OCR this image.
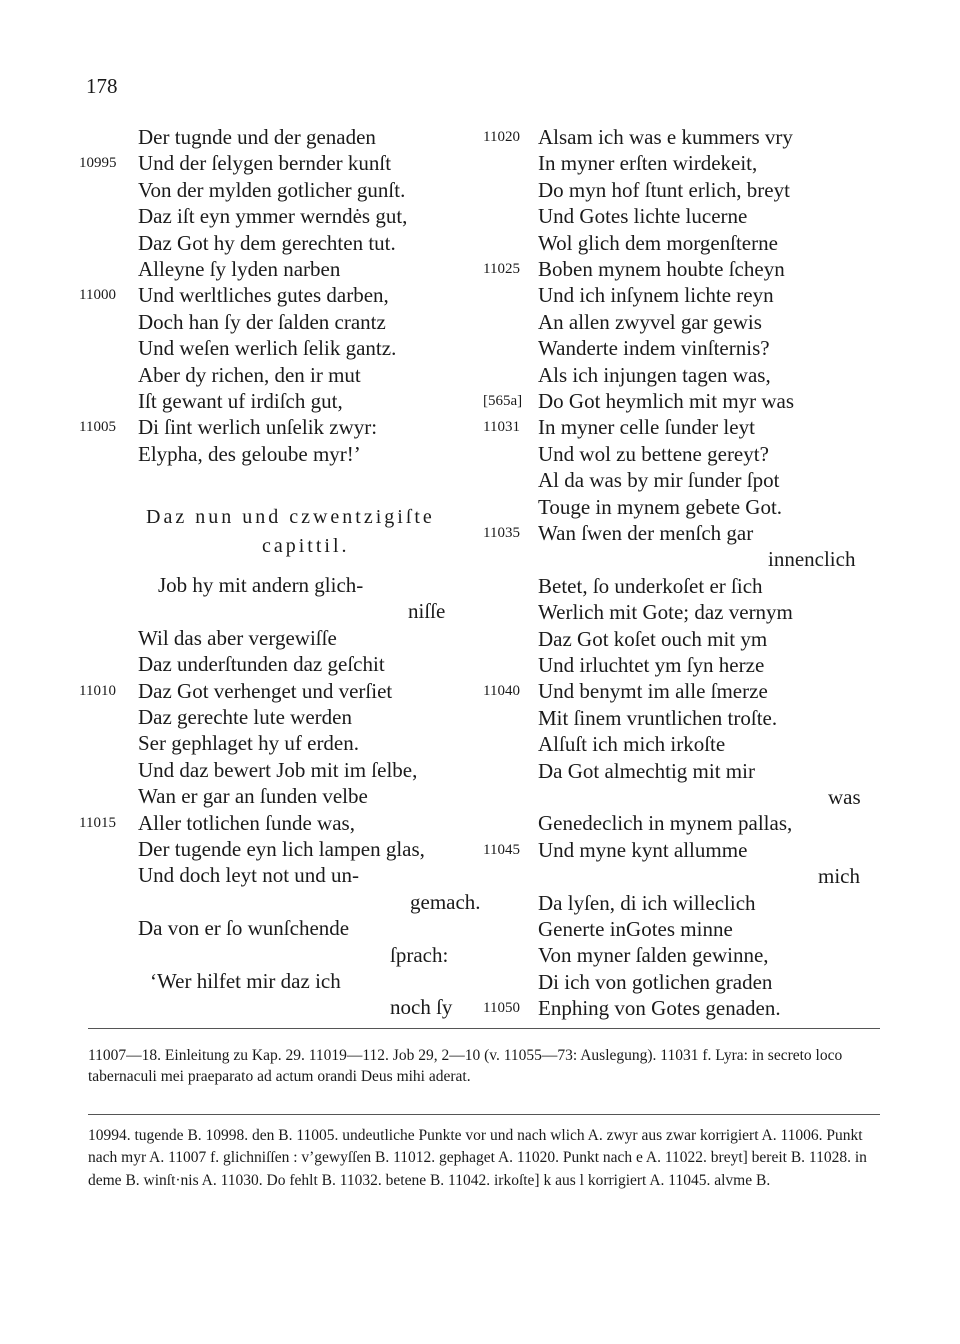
178
Der tugnde und der genaden
Und der ſelygen bernder kunſt
10995
Von der mylden gotlicher gunſt.
Daz iſt eyn ymmer werndės gut,
Daz Got hy dem gerechten tut.
Alleyne ſy lyden narben
Und werltliches gutes darben,
11000
Doch han ſy der ſalden crantz
Und weſen werlich ſelik gantz.
Aber dy richen, den ir mut
Iſt gewant uf irdiſch gut,
Di ſint werlich unſelik zwyr:
11005
Elypha, des geloube myr!’
Daz nun und czwentzigiſte
capittil.
Job hy mit andern glich-
niſſe
Wil das aber vergewiſſe
Daz underſtunden daz geſchit
Daz Got verhenget und verſiet
11010
Daz gerechte lute werden
Ser gephlaget hy uf erden.
Und daz bewert Job mit im ſelbe,
Wan er gar an ſunden velbe
Aller totlichen ſunde was,
11015
Der tugende eyn lich lampen glas,
Und doch leyt not und un-
gemach.
Da von er ſo wunſchende
ſprach:
‘Wer hilfet mir daz ich
noch ſy
Alsam ich was e kummers vry
11020
In myner erſten wirdekeit,
Do myn hof ſtunt erlich, breyt
Und Gotes lichte lucerne
Wol glich dem morgenſterne
Boben mynem houbte ſcheyn
11025
Und ich inſynem lichte reyn
An allen zwyvel gar gewis
Wanderte indem vinſternis?
Als ich injungen tagen was,
Do Got heymlich mit myr was
[565a]
In myner celle ſunder leyt
11031
Und wol zu bettene gereyt?
Al da was by mir ſunder ſpot
Touge in mynem gebete Got.
Wan ſwen der menſch gar
11035
innenclich
Betet, ſo underkoſet er ſich
Werlich mit Gote; daz vernym
Daz Got koſet ouch mit ym
Und irluchtet ym ſyn herze
Und benymt im alle ſmerze
11040
Mit ſinem vruntlichen troſte.
Alſuſt ich mich irkoſte
Da Got almechtig mit mir
was
Genedeclich in mynem pallas,
Und myne kynt allumme
11045
mich
Da lyſen, di ich willeclich
Generte inGotes minne
Von myner ſalden gewinne,
Di ich von gotlichen graden
Enphing von Gotes genaden.
11050

11007—18. Einleitung zu Kap. 29. 11019—112. Job 29, 2—10 (v. 11055—73: Auslegung). 11031 f. Lyra: in secreto loco tabernaculi mei praeparato ad actum orandi Deus mihi aderat.

10994. tugende B. 10998. den B. 11005. undeutliche Punkte vor und nach wlich A. zwyr aus zwar korrigiert A. 11006. Punkt nach myr A. 11007 f. glichniſſen : v’gewyſſen B. 11012. gephaget A. 11020. Punkt nach e A. 11022. breyt] bereit B. 11028. in deme B. winſt·nis A. 11030. Do fehlt B. 11032. betene B. 11042. irkoſte] k aus l korrigiert A. 11045. alvme B.
